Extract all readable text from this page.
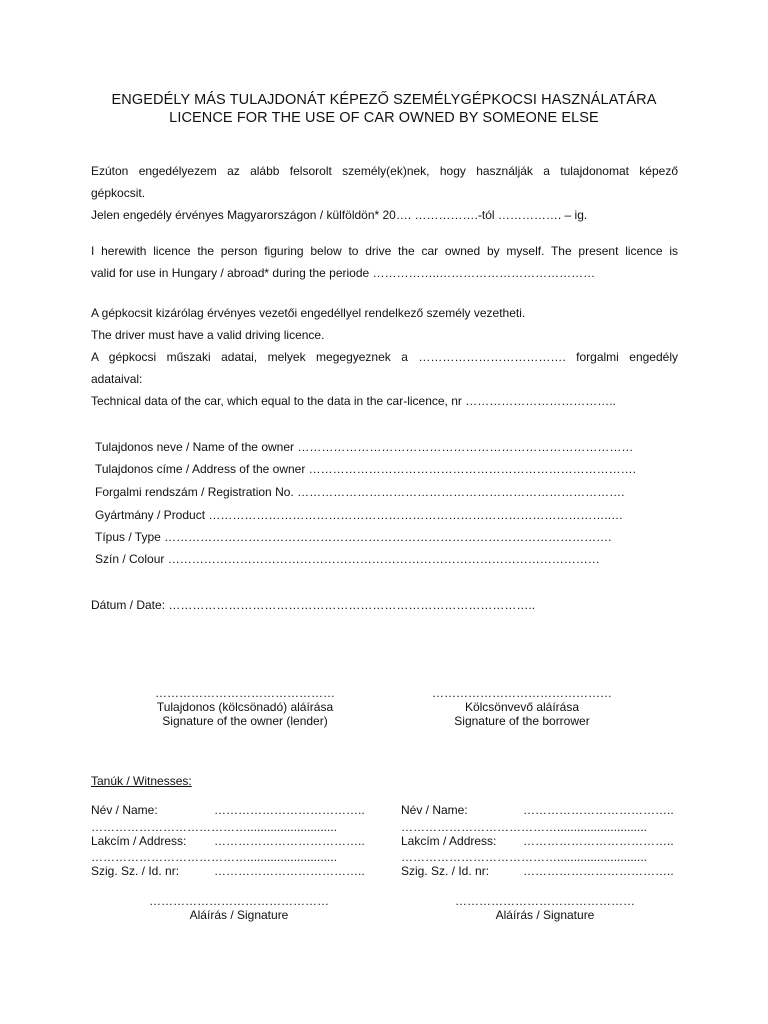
ENGEDÉLY MÁS TULAJDONÁT KÉPEZŐ SZEMÉLYGÉPKOCSI HASZNÁLATÁRA
LICENCE FOR THE USE OF CAR OWNED BY SOMEONE ELSE
Ezúton engedélyezem az alább felsorolt személy(ek)nek, hogy használják a tulajdonomat képező
gépkocsit.
Jelen engedély érvényes Magyarországon / külföldön* 20…. …………….-tól ……………. – ig.
I herewith licence the person figuring below to drive the car owned by myself. The present licence is
valid for use in Hungary / abroad* during the periode ……………..…………………………………
A gépkocsit kizárólag érvényes vezetői engedéllyel rendelkező személy vezetheti.
The driver must have a valid driving licence.
A gépkocsi műszaki adatai, melyek megegyeznek a ………………………………. forgalmi engedély
adataival:
Technical data of the car, which equal to the data in the car-licence, nr ………………………………..
Tulajdonos neve / Name of the owner …………………………………………………………………………
Tulajdonos címe / Address of the owner ……………………………………………………………………….
Forgalmi rendszám / Registration No. ……………………………………………………………………….
Gyártmány / Product ………………………………………………………………………………………..…
Típus / Type ………………………………………………………………………………………………….
Szín / Colour ………………………………………………………………………………………………
Dátum / Date: ………………………………………………………………………………..
………………………………………
Tulajdonos (kölcsönadó) aláírása
Signature of the owner (lender)
………………………………………
Kölcsönvevő aláírása
Signature of the borrower
Tanúk / Witnesses:
Név / Name:	………………………………..
…………………………………...........................
Lakcím / Address: ………………………………..
…………………………………...........................
Szig. Sz. / Id. nr:	………………………………..
Név / Name:	………………………………..
…………………………………...........................
Lakcím / Address: ………………………………..
…………………………………...........................
Szig. Sz. / Id. nr:	………………………………..
………………………………………
Aláírás / Signature
………………………………………
Aláírás / Signature
